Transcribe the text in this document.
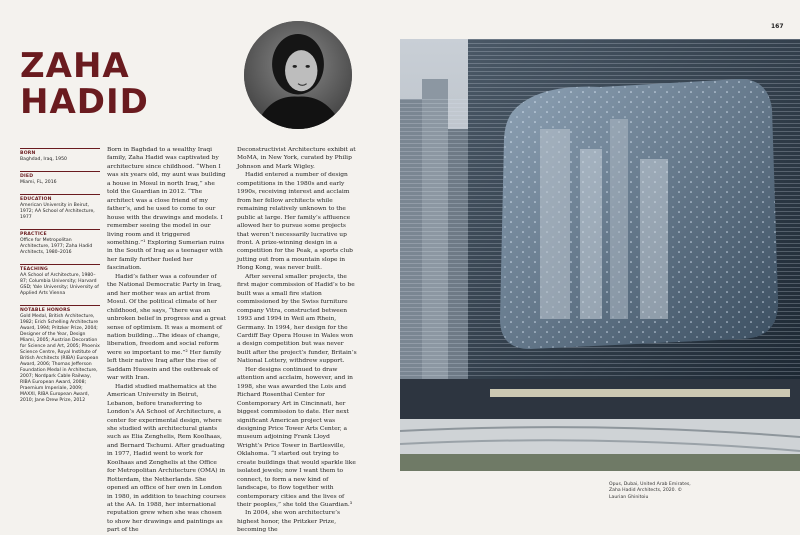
167
ZAHA
HADID
BORN
Baghdad, Iraq, 1950
DIED
Miami, FL, 2016
EDUCATION
American University in Beirut, 1972; AA School of Architecture, 1977
PRACTICE
Office for Metropolitan Architecture, 1977; Zaha Hadid Architects, 1980–2016
TEACHING
AA School of Architecture, 1980–87; Columbia University; Harvard GSD; Yale University; University of Applied Arts Vienna
NOTABLE HONORS
Gold Medal, British Architecture, 1982; Erich Schelling Architecture Award, 1994; Pritzker Prize, 2004; Designer of the Year, Design Miami, 2005; Austrian Decoration for Science and Art, 2005; Phoenix Science Centre, Royal Institute of British Architects (RIBA) European Award, 2006; Thomas Jefferson Foundation Medal in Architecture, 2007; Nordpark Cable Railway, RIBA European Award, 2008; Praemium Imperiale, 2009; MAXXI, RIBA European Award, 2010; Jane Drew Prize, 2012

Born in Baghdad to a wealthy Iraqi family, Zaha Hadid was captivated by architecture since childhood. “When I was six years old, my aunt was building a house in Mosul in north Iraq,” she told the Guardian in 2012. “The architect was a close friend of my father’s, and he used to come to our house with the drawings and models. I remember seeing the model in our living room and it triggered something.”¹ Exploring Sumerian ruins in the South of Iraq as a teenager with her family further fueled her fascination.

Hadid’s father was a cofounder of the National Democratic Party in Iraq, and her mother was an artist from Mosul. Of the political climate of her childhood, she says, “there was an unbroken belief in progress and a great sense of optimism. It was a moment of nation building…The ideas of change, liberation, freedom and social reform were so important to me.”² Her family left their native Iraq after the rise of Saddam Hussein and the outbreak of war with Iran.

Hadid studied mathematics at the American University in Beirut, Lebanon, before transferring to London’s AA School of Architecture, a center for experimental design, where she studied with architectural giants such as Elia Zenghelis, Rem Koolhaas, and Bernard Tschumi. After graduating in 1977, Hadid went to work for Koolhaas and Zenghelis at the Office for Metropolitan Architecture (OMA) in Rotterdam, the Netherlands. She opened an office of her own in London in 1980, in addition to teaching courses at the AA. In 1988, her international reputation grew when she was chosen to show her drawings and paintings as part of the

Deconstructivist Architecture exhibit at MoMA, in New York, curated by Philip Johnson and Mark Wigley.

Hadid entered a number of design competitions in the 1980s and early 1990s, receiving interest and acclaim from her fellow architects while remaining relatively unknown to the public at large. Her family’s affluence allowed her to pursue some projects that weren’t necessarily lucrative up front. A prize-winning design in a competition for the Peak, a sports club jutting out from a mountain slope in Hong Kong, was never built.

After several smaller projects, the first major commission of Hadid’s to be built was a small fire station commissioned by the Swiss furniture company Vitra, constructed between 1993 and 1994 in Weil am Rhein, Germany. In 1994, her design for the Cardiff Bay Opera House in Wales won a design competition but was never built after the project’s funder, Britain’s National Lottery, withdrew support.

Her designs continued to draw attention and acclaim, however, and in 1998, she was awarded the Lois and Richard Rosenthal Center for Contemporary Art in Cincinnati, her biggest commission to date. Her next significant American project was designing Price Tower Arts Center, a museum adjoining Frank Lloyd Wright’s Price Tower in Bartlesville, Oklahoma. “I started out trying to create buildings that would sparkle like isolated jewels; now I want them to connect, to form a new kind of landscape, to flow together with contemporary cities and the lives of their peoples,” she told the Guardian.³

In 2004, she won architecture’s highest honor, the Pritzker Prize, becoming the

Opus, Dubai, United Arab Emirates, Zaha Hadid Architects, 2020. © Laurian Ghinitoiu
